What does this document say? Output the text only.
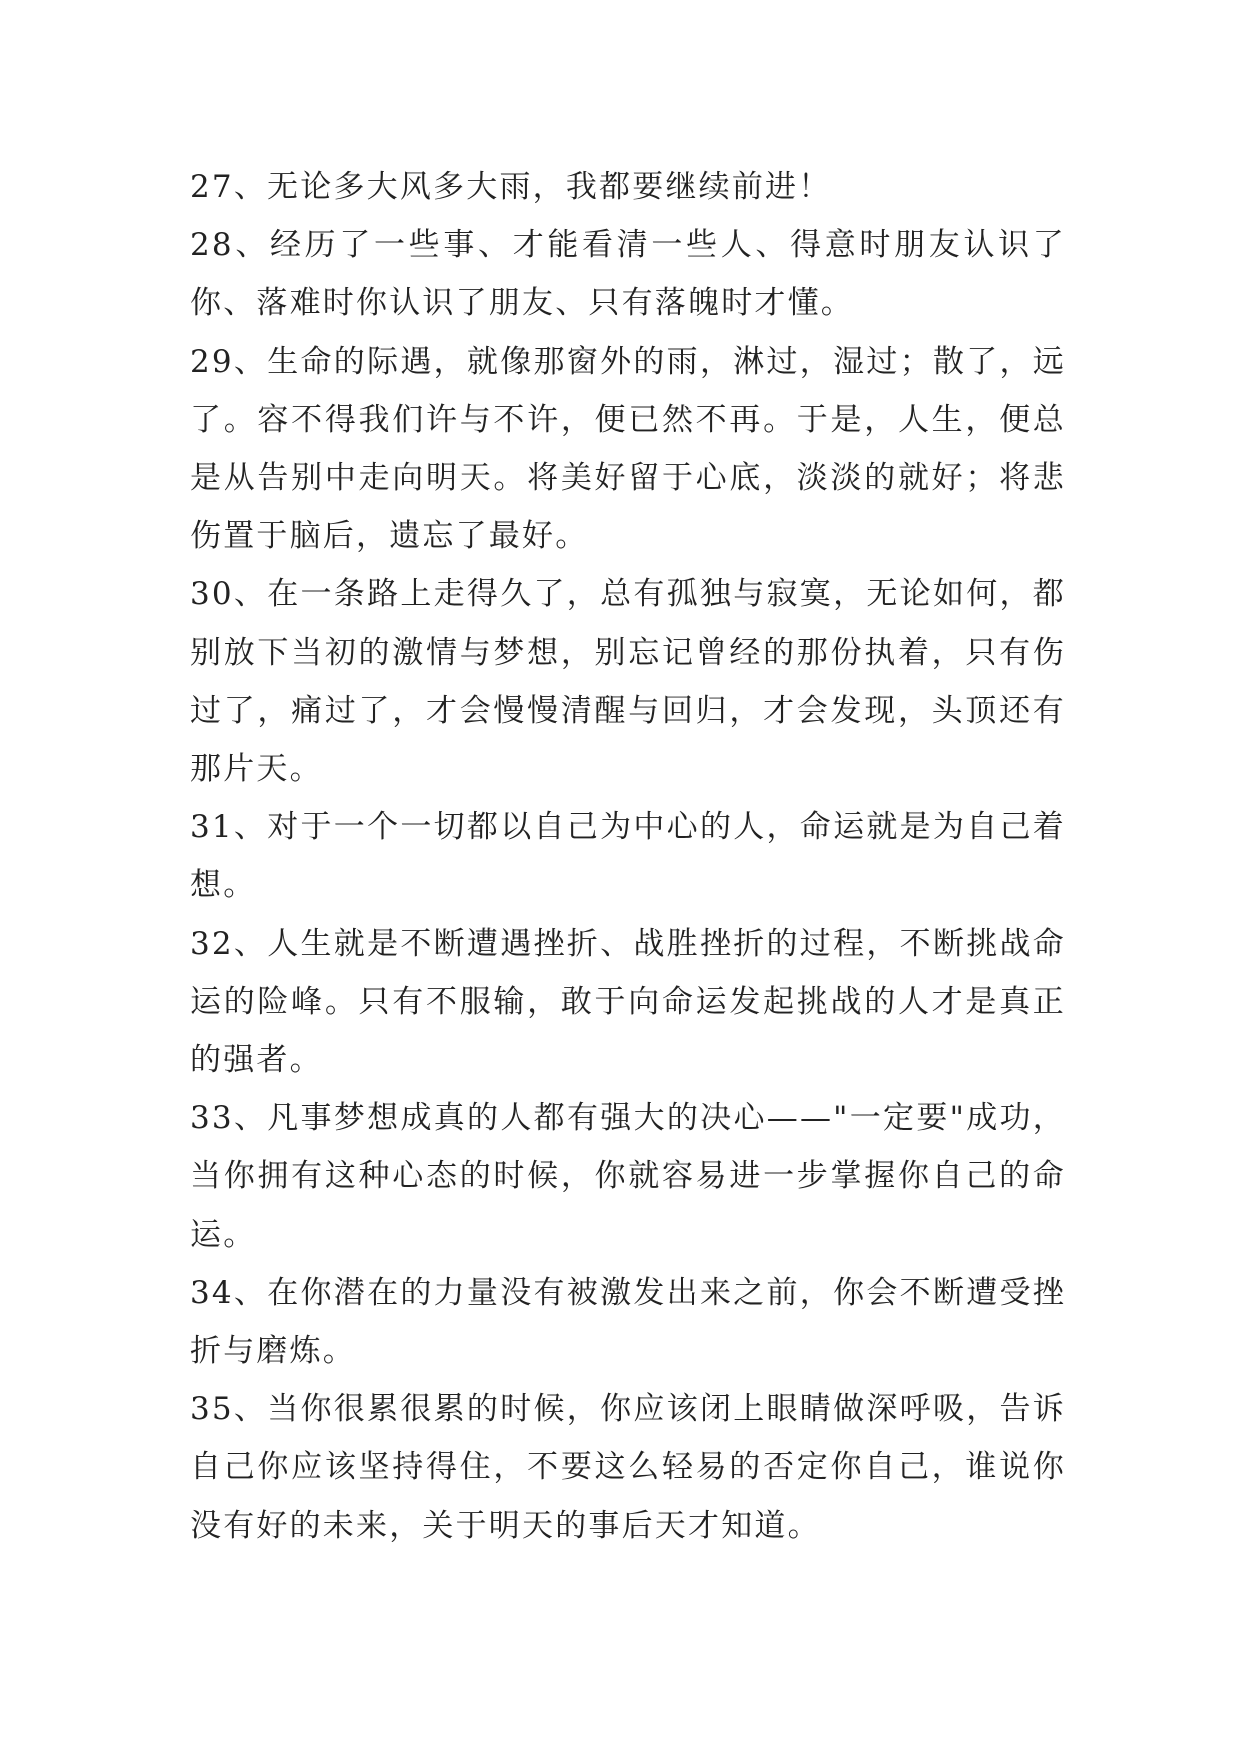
27、无论多大风多大雨，我都要继续前进！

28、经历了一些事、才能看清一些人、得意时朋友认识了你、落难时你认识了朋友、只有落魄时才懂。

29、生命的际遇，就像那窗外的雨，淋过，湿过；散了，远了。容不得我们许与不许，便已然不再。于是，人生，便总是从告别中走向明天。将美好留于心底，淡淡的就好；将悲伤置于脑后，遗忘了最好。

30、在一条路上走得久了，总有孤独与寂寞，无论如何，都别放下当初的激情与梦想，别忘记曾经的那份执着，只有伤过了，痛过了，才会慢慢清醒与回归，才会发现，头顶还有那片天。

31、对于一个一切都以自己为中心的人，命运就是为自己着想。

32、人生就是不断遭遇挫折、战胜挫折的过程，不断挑战命运的险峰。只有不服输，敢于向命运发起挑战的人才是真正的强者。

33、凡事梦想成真的人都有强大的决心——"一定要"成功，当你拥有这种心态的时候，你就容易进一步掌握你自己的命运。

34、在你潜在的力量没有被激发出来之前，你会不断遭受挫折与磨炼。

35、当你很累很累的时候，你应该闭上眼睛做深呼吸，告诉自己你应该坚持得住，不要这么轻易的否定你自己，谁说你没有好的未来，关于明天的事后天才知道。
